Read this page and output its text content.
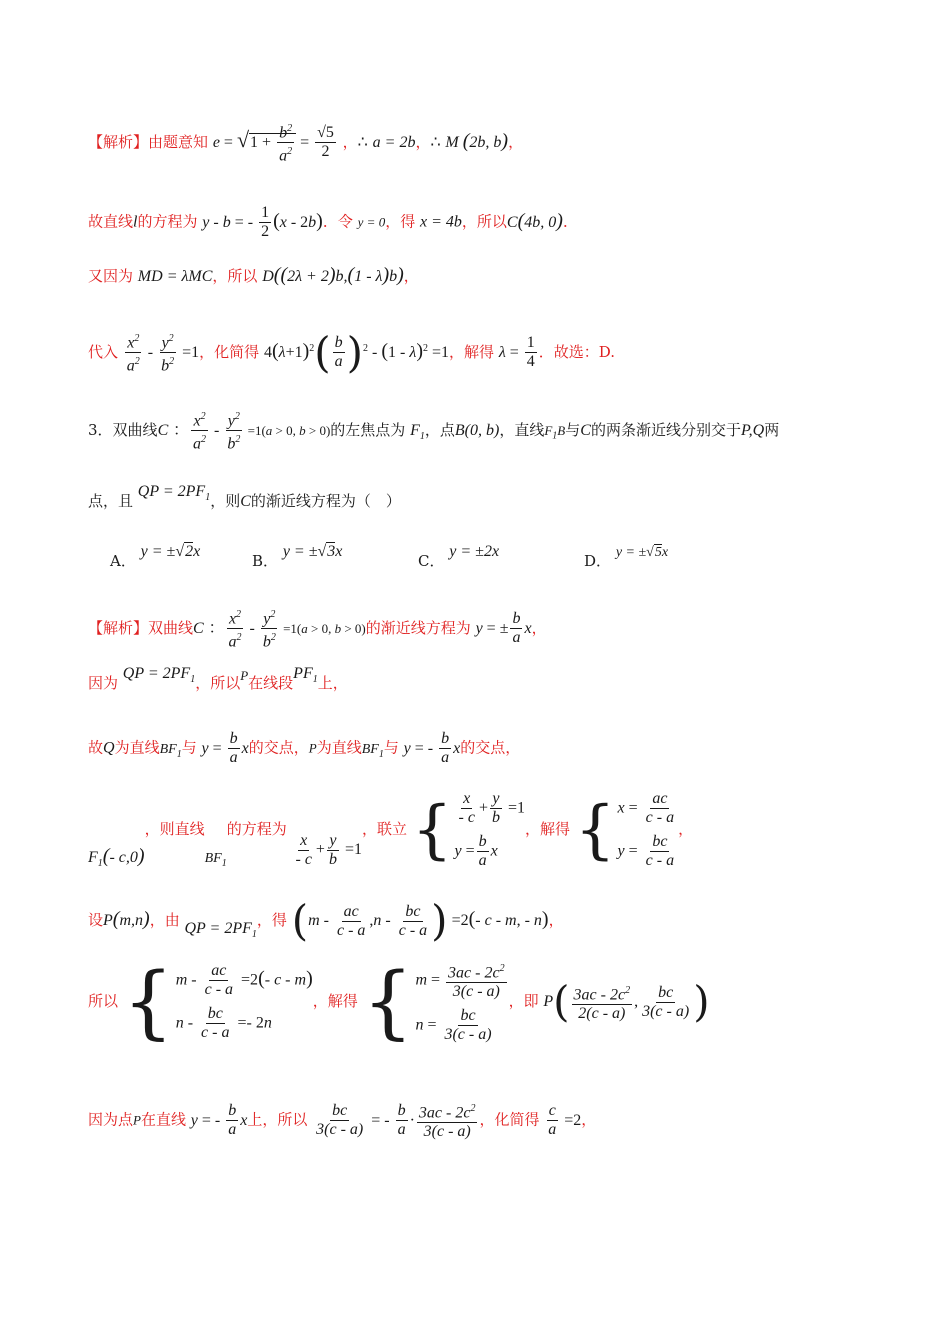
【解析】由题意知 $e = √1 + \frac{b^2}{a^2} = \frac{√5}{2}$ ，∴ a = 2b，∴ M (2b, b)，
故直线l的方程为 y - b = - $\frac{1}{2} (x - 2b)$．令 y = 0，得 x = 4b，所以C(4b, 0)．
又因为 MD = λMC，所以 D((2λ + 2)b,(1 - λ)b)，
代入 $\frac{x^2}{a^2} - \frac{y^2}{b^2} =1$，化简得 $4(\lambda+1)^2( \frac{b}{a} )^2 - (1 - \lambda)^2 =1$，解得 $\lambda = \frac{1}{4}$ ．故选：D.
3．双曲线C ： $\frac{x^2}{a^2} - \frac{y^2}{b^2} =1(a > 0$, b > 0)的左焦点为 $F_1$，点B(0, b)，直线$F_1B$与C的两条渐近线分别交于P,Q两
点，且 QP = $2PF_1$，则C的渐近线方程为（　）
A． y = ±√2x
B． y = ±√3x
C． y = ±2x
D． y = ±√5x
【解析】双曲线C ： $\frac{x^2}{a^2} - \frac{y^2}{b^2} =1(a > 0$, b > 0)的渐近线方程为 y = ± $\frac{b}{a}$ x，
因为 QP = $2PF_1$，所以P在线段$PF_1$上，
故Q为直线$BF_1$与 $y = \frac{b}{a}$ x的交点，P为直线$BF_1$与 y = - $\frac{b}{a}$ x的交点，
$F_1(-$ c,0)，则直线$BF_1$的方程为
$\frac{x}{- c} + \frac{y}{b} =1$，联立 { $\frac{x}{- c} + \frac{y}{b} =1$
$y = \frac{b}{a}$ x
，解得 { $x = \frac{ac}{c - a}$
$y = \frac{bc}{c - a}$
，
设P(m,n)，由 QP = $2PF_1$，得 ($m - \frac{ac}{c - a} ,n - \frac{bc}{c - a}$ ) =2(- c - m, - n)，
所以 { $m - \frac{ac}{c - a} =2(-$ c - m)
$n - \frac{bc}{c - a} =- 2n$
，解得 { $m = \frac{3ac - 2c^2}{3(c - a)}$
$n = \frac{bc}{3(c - a)}$
，即 $P( \frac{3ac - 2c^2}{2(c - a)}$ , $\frac{bc}{3(c - a)}$ )
因为点P在直线 y = - $\frac{b}{a}$ x上，所以 $\frac{bc}{3(c - a)}$ = - $\frac{b}{a} \cdot \frac{3ac - 2c^2}{3(c - a)}$ ，化简得 $\frac{c}{a} =2$，
